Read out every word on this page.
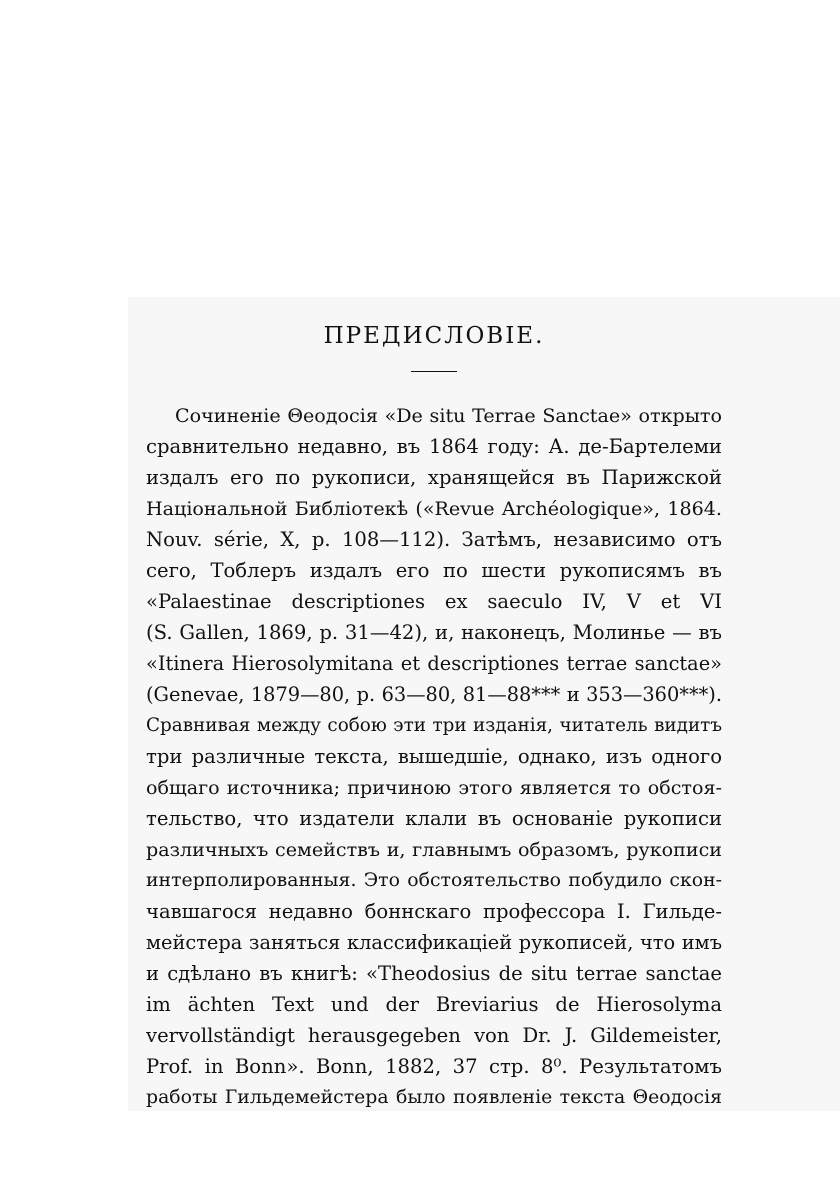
ПРЕДИСЛОВІЕ.
Сочиненіе Θеодосія «De situ Terrae Sanctae» открыто
сравнительно недавно, въ 1864 году: А. де-Бартелеми
издалъ его по рукописи, хранящейся въ Парижской
Національной Библіотекѣ («Revue Archéologique», 1864.
Nouv. série, X, p. 108—112). Затѣмъ, независимо отъ
сего, Тоблеръ издалъ его по шести рукописямъ въ
«Palaestinae descriptiones ex saeculo IV, V et VI
(S. Gallen, 1869, p. 31—42), и, наконецъ, Молинье — въ
«Itinera Hierosolymitana et descriptiones terrae sanctae»
(Genevae, 1879—80, p. 63—80, 81—88*** и 353—360***).
Сравнивая между собою эти три изданія, читатель видитъ
три различные текста, вышедшіе, однако, изъ одного
общаго источника; причиною этого является то обстоя-
тельство, что издатели клали въ основаніе рукописи
различныхъ семействъ и, главнымъ образомъ, рукописи
интерполированныя. Это обстоятельство побудило скон-
чавшагося недавно боннскаго профессора I. Гильде-
мейстера заняться классификаціей рукописей, что имъ
и сдѣлано въ книгѣ: «Theodosius de situ terrae sanctae
im ächten Text und der Breviarius de Hierosolyma
vervollständigt herausgegeben von Dr. J. Gildemeister,
Prof. in Bonn». Bonn, 1882, 37 стр. 8⁰. Результатомъ
работы Гильдемейстера было появленіе текста Θеодосія
